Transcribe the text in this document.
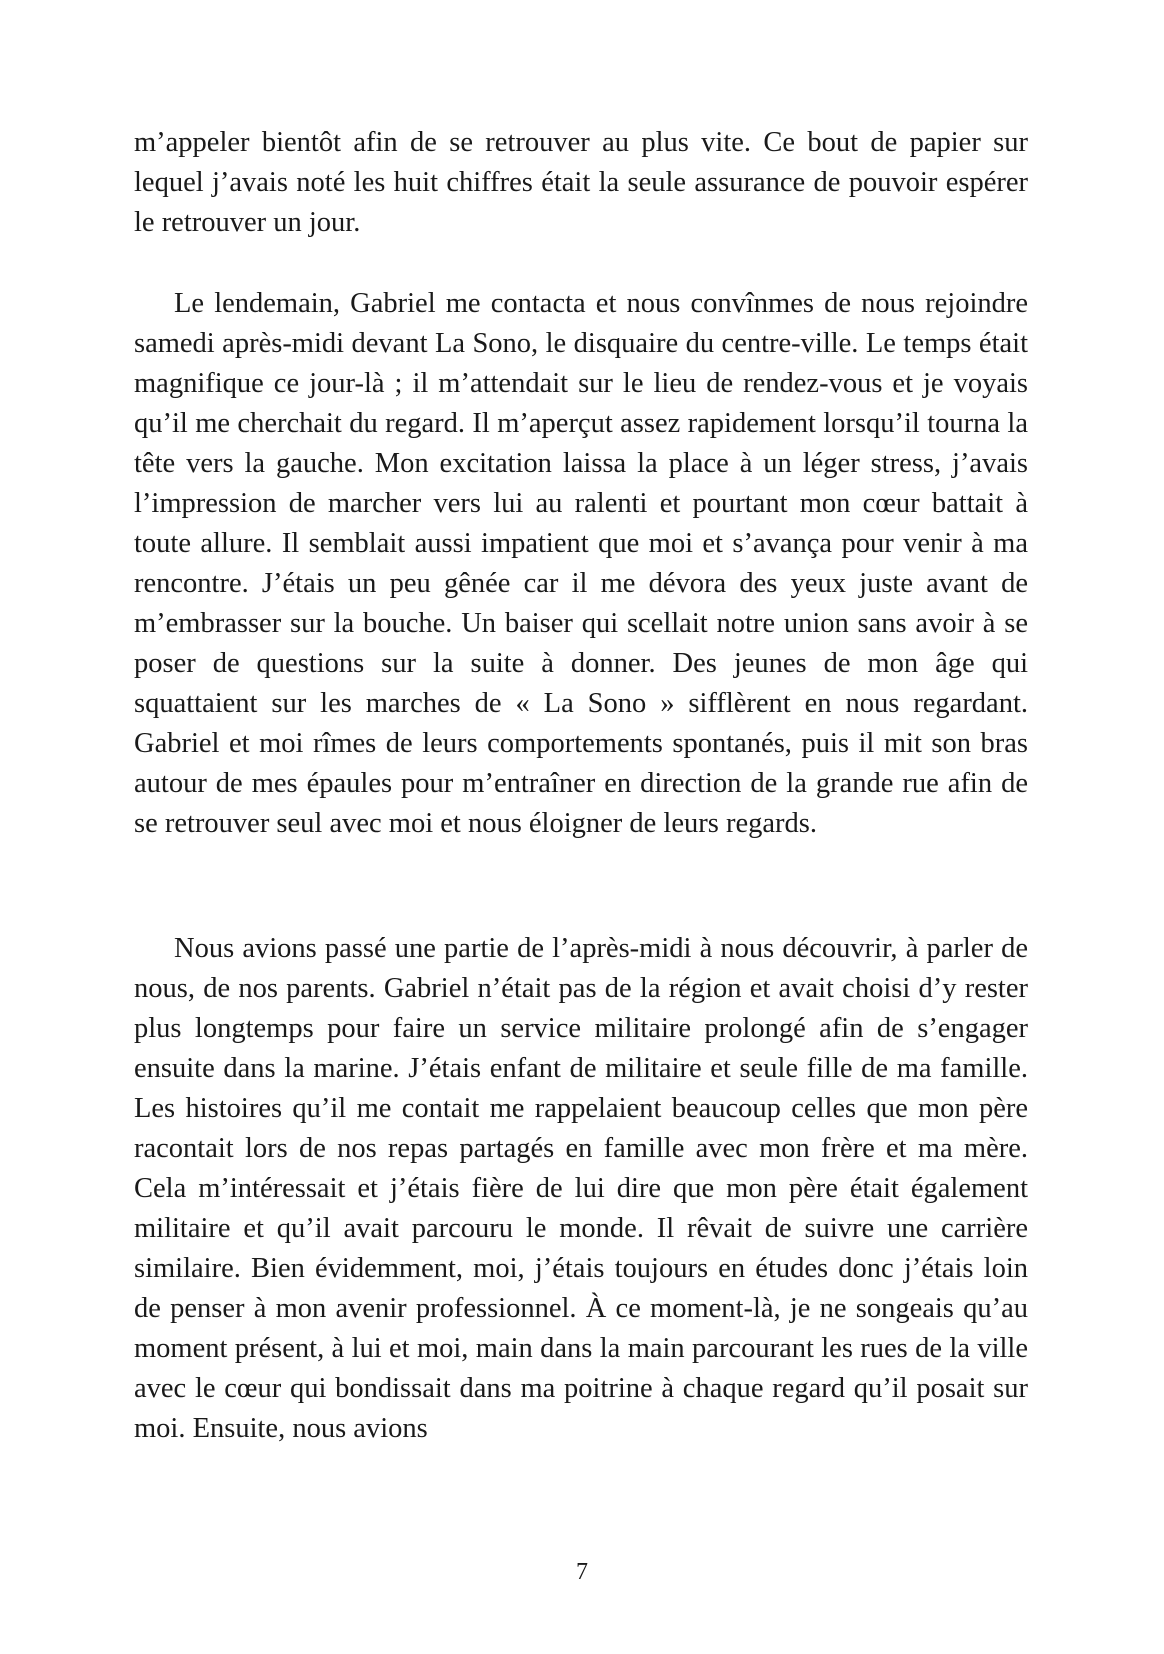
m’appeler bientôt afin de se retrouver au plus vite. Ce bout de papier sur lequel j’avais noté les huit chiffres était la seule assurance de pouvoir espérer le retrouver un jour.

Le lendemain, Gabriel me contacta et nous convînmes de nous rejoindre samedi après-midi devant La Sono, le disquaire du centre-ville. Le temps était magnifique ce jour-là ; il m’attendait sur le lieu de rendez-vous et je voyais qu’il me cherchait du regard. Il m’aperçut assez rapidement lorsqu’il tourna la tête vers la gauche. Mon excitation laissa la place à un léger stress, j’avais l’impression de marcher vers lui au ralenti et pourtant mon cœur battait à toute allure. Il semblait aussi impatient que moi et s’avança pour venir à ma rencontre. J’étais un peu gênée car il me dévora des yeux juste avant de m’embrasser sur la bouche. Un baiser qui scellait notre union sans avoir à se poser de questions sur la suite à donner. Des jeunes de mon âge qui squattaient sur les marches de « La Sono » sifflèrent en nous regardant. Gabriel et moi rîmes de leurs comportements spontanés, puis il mit son bras autour de mes épaules pour m’entraîner en direction de la grande rue afin de se retrouver seul avec moi et nous éloigner de leurs regards.

Nous avions passé une partie de l’après-midi à nous découvrir, à parler de nous, de nos parents. Gabriel n’était pas de la région et avait choisi d’y rester plus longtemps pour faire un service militaire prolongé afin de s’engager ensuite dans la marine. J’étais enfant de militaire et seule fille de ma famille. Les histoires qu’il me contait me rappelaient beaucoup celles que mon père racontait lors de nos repas partagés en famille avec mon frère et ma mère. Cela m’intéressait et j’étais fière de lui dire que mon père était également militaire et qu’il avait parcouru le monde. Il rêvait de suivre une carrière similaire. Bien évidemment, moi, j’étais toujours en études donc j’étais loin de penser à mon avenir professionnel. À ce moment-là, je ne songeais qu’au moment présent, à lui et moi, main dans la main parcourant les rues de la ville avec le cœur qui bondissait dans ma poitrine à chaque regard qu’il posait sur moi. Ensuite, nous avions

7
